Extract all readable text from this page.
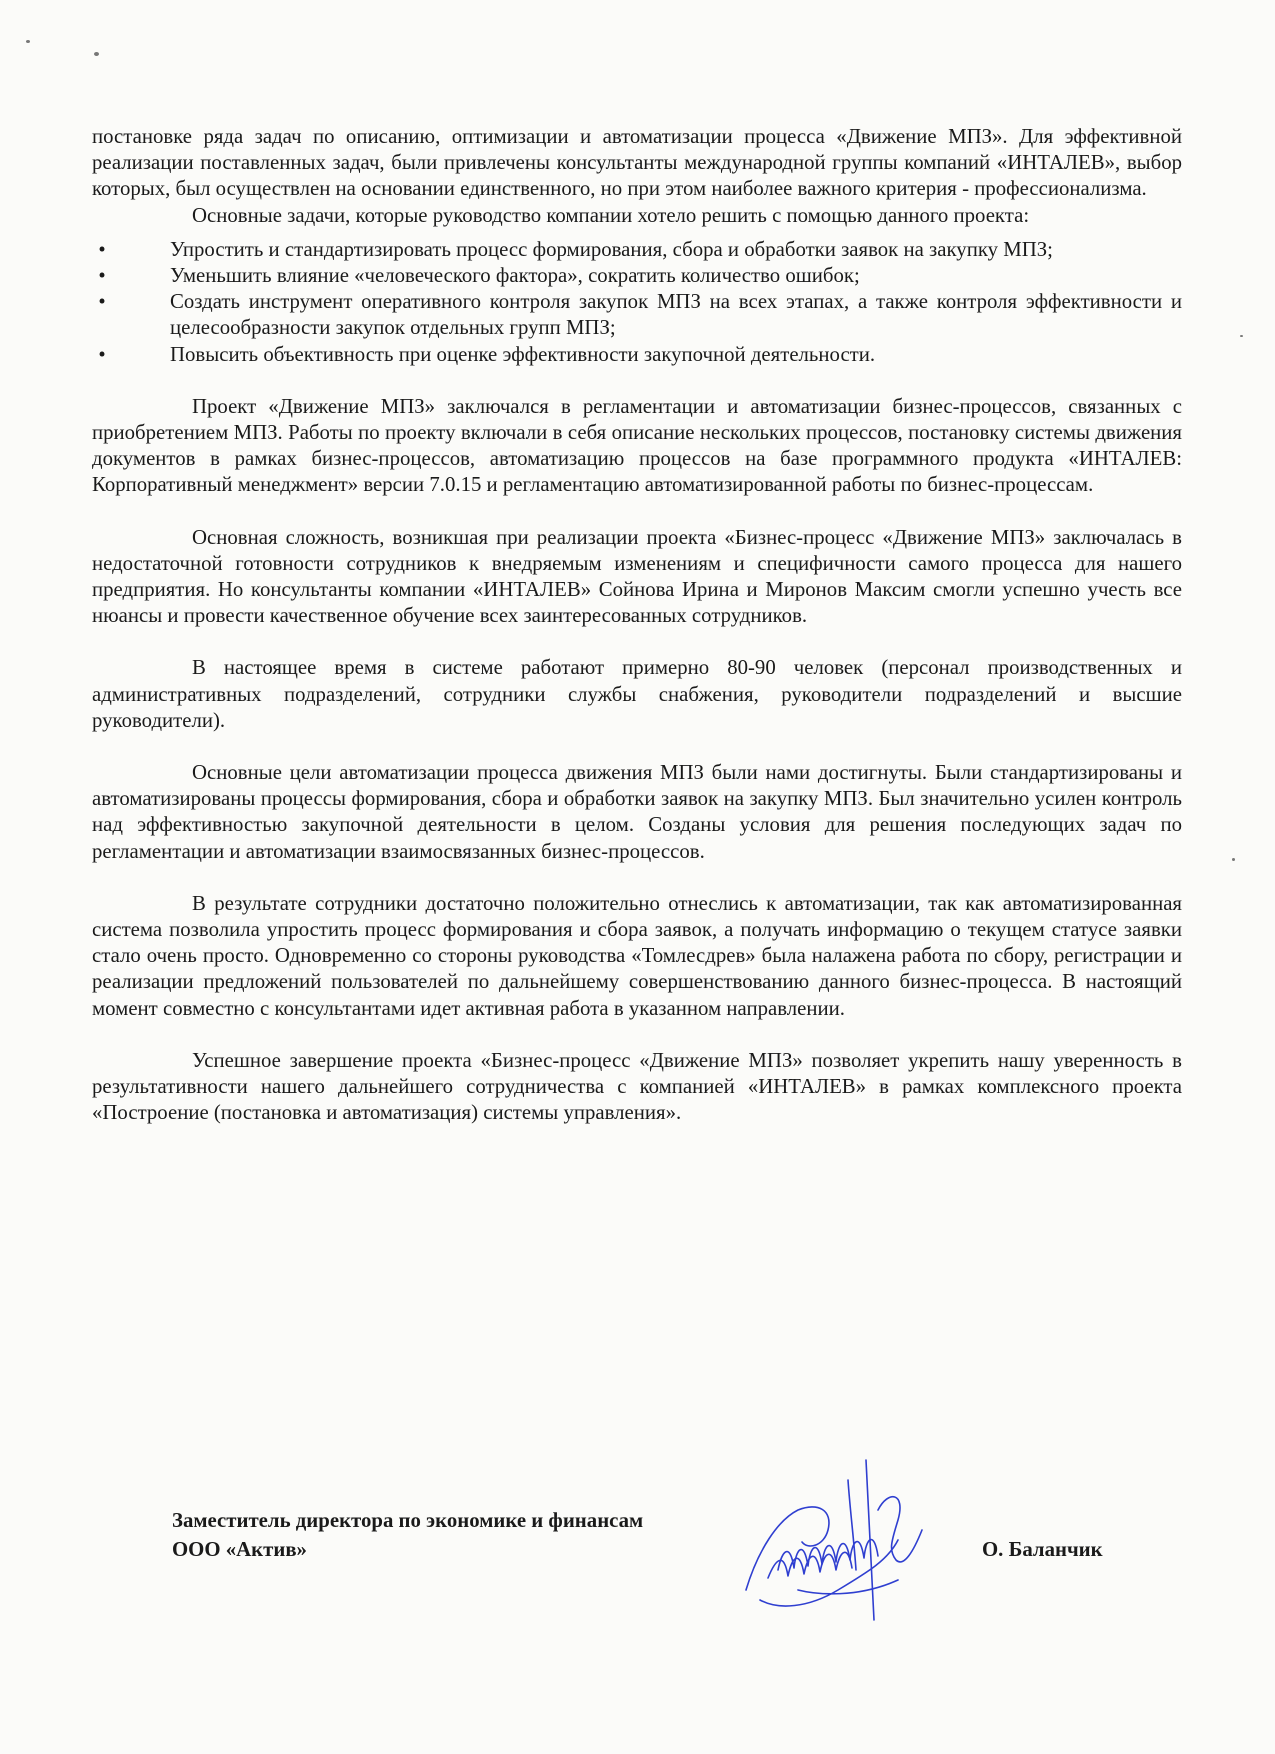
постановке ряда задач по описанию, оптимизации и автоматизации процесса «Движение МПЗ». Для эффективной реализации поставленных задач, были привлечены консультанты международной группы компаний «ИНТАЛЕВ», выбор которых, был осуществлен на основании единственного, но при этом наиболее важного критерия - профессионализма.

Основные задачи, которые руководство компании хотело решить с помощью данного проекта:

•	Упростить и стандартизировать процесс формирования, сбора и обработки заявок на закупку МПЗ;
•	Уменьшить влияние «человеческого фактора», сократить количество ошибок;
•	Создать инструмент оперативного контроля закупок МПЗ на всех этапах, а также контроля эффективности и целесообразности закупок отдельных групп МПЗ;
•	Повысить объективность при оценке эффективности закупочной деятельности.

Проект «Движение МПЗ» заключался в регламентации и автоматизации бизнес-процессов, связанных с приобретением МПЗ. Работы по проекту включали в себя описание нескольких процессов, постановку системы движения документов в рамках бизнес-процессов, автоматизацию процессов на базе программного продукта «ИНТАЛЕВ: Корпоративный менеджмент» версии 7.0.15 и регламентацию автоматизированной работы по бизнес-процессам.

Основная сложность, возникшая при реализации проекта «Бизнес-процесс «Движение МПЗ» заключалась в недостаточной готовности сотрудников к внедряемым изменениям и специфичности самого процесса для нашего предприятия. Но консультанты компании «ИНТАЛЕВ» Сойнова Ирина и Миронов Максим смогли успешно учесть все нюансы и провести качественное обучение всех заинтересованных сотрудников.

В настоящее время в системе работают примерно 80-90 человек (персонал производственных и административных подразделений, сотрудники службы снабжения, руководители подразделений и высшие руководители).

Основные цели автоматизации процесса движения МПЗ были нами достигнуты. Были стандартизированы и автоматизированы процессы формирования, сбора и обработки заявок на закупку МПЗ. Был значительно усилен контроль над эффективностью закупочной деятельности в целом. Созданы условия для решения последующих задач по регламентации и автоматизации взаимосвязанных бизнес-процессов.

В результате сотрудники достаточно положительно отнеслись к автоматизации, так как автоматизированная система позволила упростить процесс формирования и сбора заявок, а получать информацию о текущем статусе заявки стало очень просто. Одновременно со стороны руководства «Томлесдрев» была налажена работа по сбору, регистрации и реализации предложений пользователей по дальнейшему совершенствованию данного бизнес-процесса. В настоящий момент совместно с консультантами идет активная работа в указанном направлении.

Успешное завершение проекта «Бизнес-процесс «Движение МПЗ» позволяет укрепить нашу уверенность в результативности нашего дальнейшего сотрудничества с компанией «ИНТАЛЕВ» в рамках комплексного проекта «Построение (постановка и автоматизация) системы управления».

Заместитель директора по экономике и финансам
ООО «Актив»	О. Баланчик
